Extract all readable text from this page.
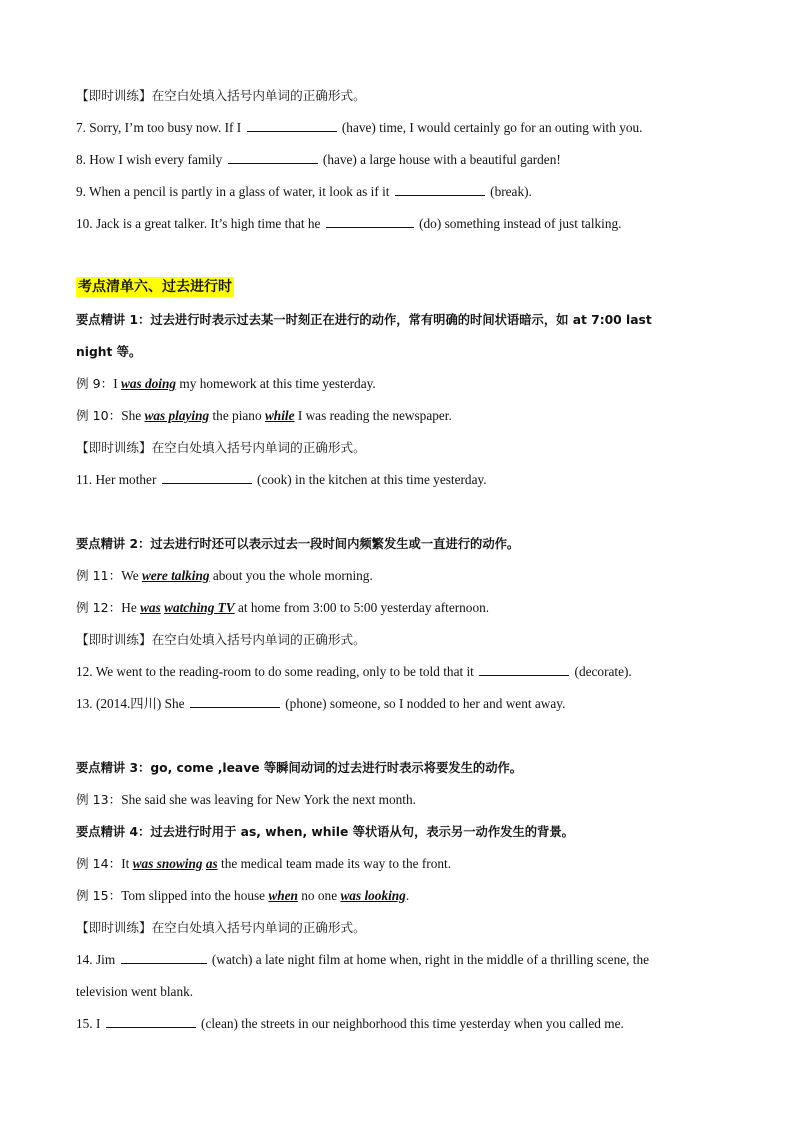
【即时训练】在空白处填入括号内单词的正确形式。
7. Sorry, I’m too busy now. If I	(have) time, I would certainly go for an outing with you.
8. How I wish every family	(have) a large house with a beautiful garden!
9. When a pencil is partly in a glass of water, it look as if it	(break).
10. Jack is a great talker. It’s high time that he	(do) something instead of just talking.
考点清单六、过去进行时
要点精讲 1：过去进行时表示过去某一时刻正在进行的动作，常有明确的时间状语暗示，如 at 7:00 last
night 等。
例 9：I was doing my homework at this time yesterday.
例 10：She was playing the piano while I was reading the newspaper.
【即时训练】在空白处填入括号内单词的正确形式。
11. Her mother	(cook) in the kitchen at this time yesterday.
要点精讲 2：过去进行时还可以表示过去一段时间内频繁发生或一直进行的动作。
例 11：We were talking about you the whole morning.
例 12：He was watching TV at home from 3:00 to 5:00 yesterday afternoon.
【即时训练】在空白处填入括号内单词的正确形式。
12. We went to the reading-room to do some reading, only to be told that it	(decorate).
13. (2014.四川) She	(phone) someone, so I nodded to her and went away.
要点精讲 3：go, come ,leave 等瞬间动词的过去进行时表示将要发生的动作。
例 13：She said she was leaving for New York the next month.
要点精讲 4：过去进行时用于 as, when, while 等状语从句，表示另一动作发生的背景。
例 14：It was snowing as the medical team made its way to the front.
例 15：Tom slipped into the house when no one was looking.
【即时训练】在空白处填入括号内单词的正确形式。
14. Jim	(watch) a late night film at home when, right in the middle of a thrilling scene, the
television went blank.
15. I	(clean) the streets in our neighborhood this time yesterday when you called me.
